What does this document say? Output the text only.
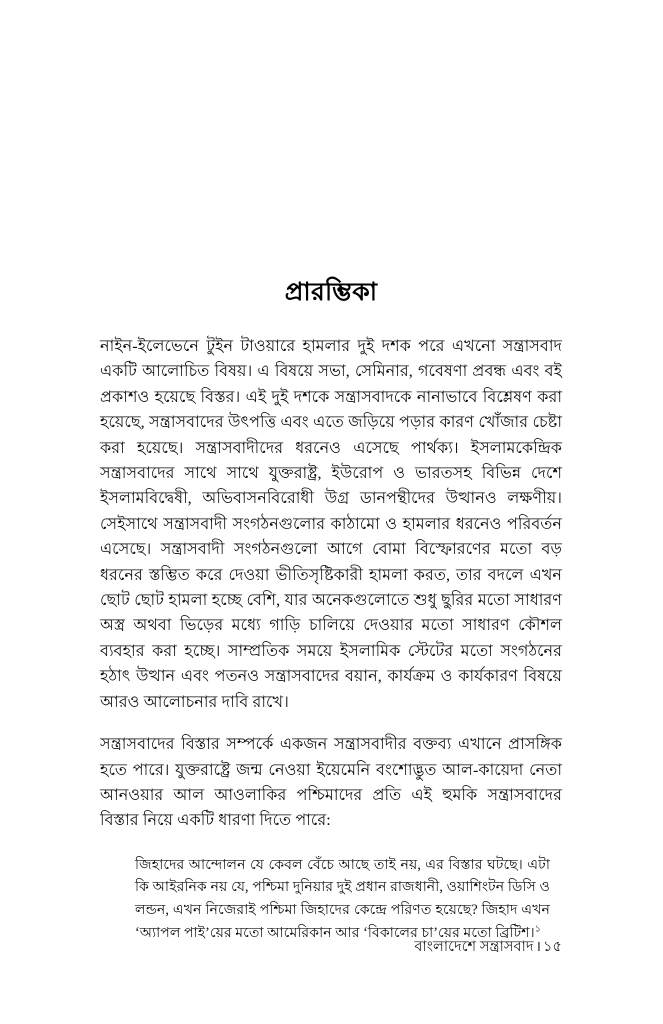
প্রারম্ভিকা

নাইন-ইলেভেনে টুইন টাওয়ারে হামলার দুই দশক পরে এখনো সন্ত্রাসবাদ একটি আলোচিত বিষয়। এ বিষয়ে সভা, সেমিনার, গবেষণা প্রবন্ধ এবং বই প্রকাশও হয়েছে বিস্তর। এই দুই দশকে সন্ত্রাসবাদকে নানাভাবে বিশ্লেষণ করা হয়েছে, সন্ত্রাসবাদের উৎপত্তি এবং এতে জড়িয়ে পড়ার কারণ খোঁজার চেষ্টা করা হয়েছে। সন্ত্রাসবাদীদের ধরনেও এসেছে পার্থক্য। ইসলামকেন্দ্রিক সন্ত্রাসবাদের সাথে সাথে যুক্তরাষ্ট্র, ইউরোপ ও ভারতসহ বিভিন্ন দেশে ইসলামবিদ্বেষী, অভিবাসনবিরোধী উগ্র ডানপন্থীদের উত্থানও লক্ষণীয়। সেইসাথে সন্ত্রাসবাদী সংগঠনগুলোর কাঠামো ও হামলার ধরনেও পরিবর্তন এসেছে। সন্ত্রাসবাদী সংগঠনগুলো আগে বোমা বিস্ফোরণের মতো বড় ধরনের স্তম্ভিত করে দেওয়া ভীতিসৃষ্টিকারী হামলা করত, তার বদলে এখন ছোট ছোট হামলা হচ্ছে বেশি, যার অনেকগুলোতে শুধু ছুরির মতো সাধারণ অস্ত্র অথবা ভিড়ের মধ্যে গাড়ি চালিয়ে দেওয়ার মতো সাধারণ কৌশল ব্যবহার করা হচ্ছে। সাম্প্রতিক সময়ে ইসলামিক স্টেটের মতো সংগঠনের হঠাৎ উত্থান এবং পতনও সন্ত্রাসবাদের বয়ান, কার্যক্রম ও কার্যকারণ বিষয়ে আরও আলোচনার দাবি রাখে।

সন্ত্রাসবাদের বিস্তার সম্পর্কে একজন সন্ত্রাসবাদীর বক্তব্য এখানে প্রাসঙ্গিক হতে পারে। যুক্তরাষ্ট্রে জন্ম নেওয়া ইয়েমেনি বংশোদ্ভুত আল-কায়েদা নেতা আনওয়ার আল আওলাকির পশ্চিমাদের প্রতি এই হুমকি সন্ত্রাসবাদের বিস্তার নিয়ে একটি ধারণা দিতে পারে:

জিহাদের আন্দোলন যে কেবল বেঁচে আছে তাই নয়, এর বিস্তার ঘটছে। এটা কি আইরনিক নয় যে, পশ্চিমা দুনিয়ার দুই প্রধান রাজধানী, ওয়াশিংটন ডিসি ও লন্ডন, এখন নিজেরাই পশ্চিমা জিহাদের কেন্দ্রে পরিণত হয়েছে? জিহাদ এখন ‘অ্যাপল পাই’য়ের মতো আমেরিকান আর ‘বিকালের চা’য়ের মতো ব্রিটিশ।$^১$

বাংলাদেশে সন্ত্রাসবাদ । ১৫
